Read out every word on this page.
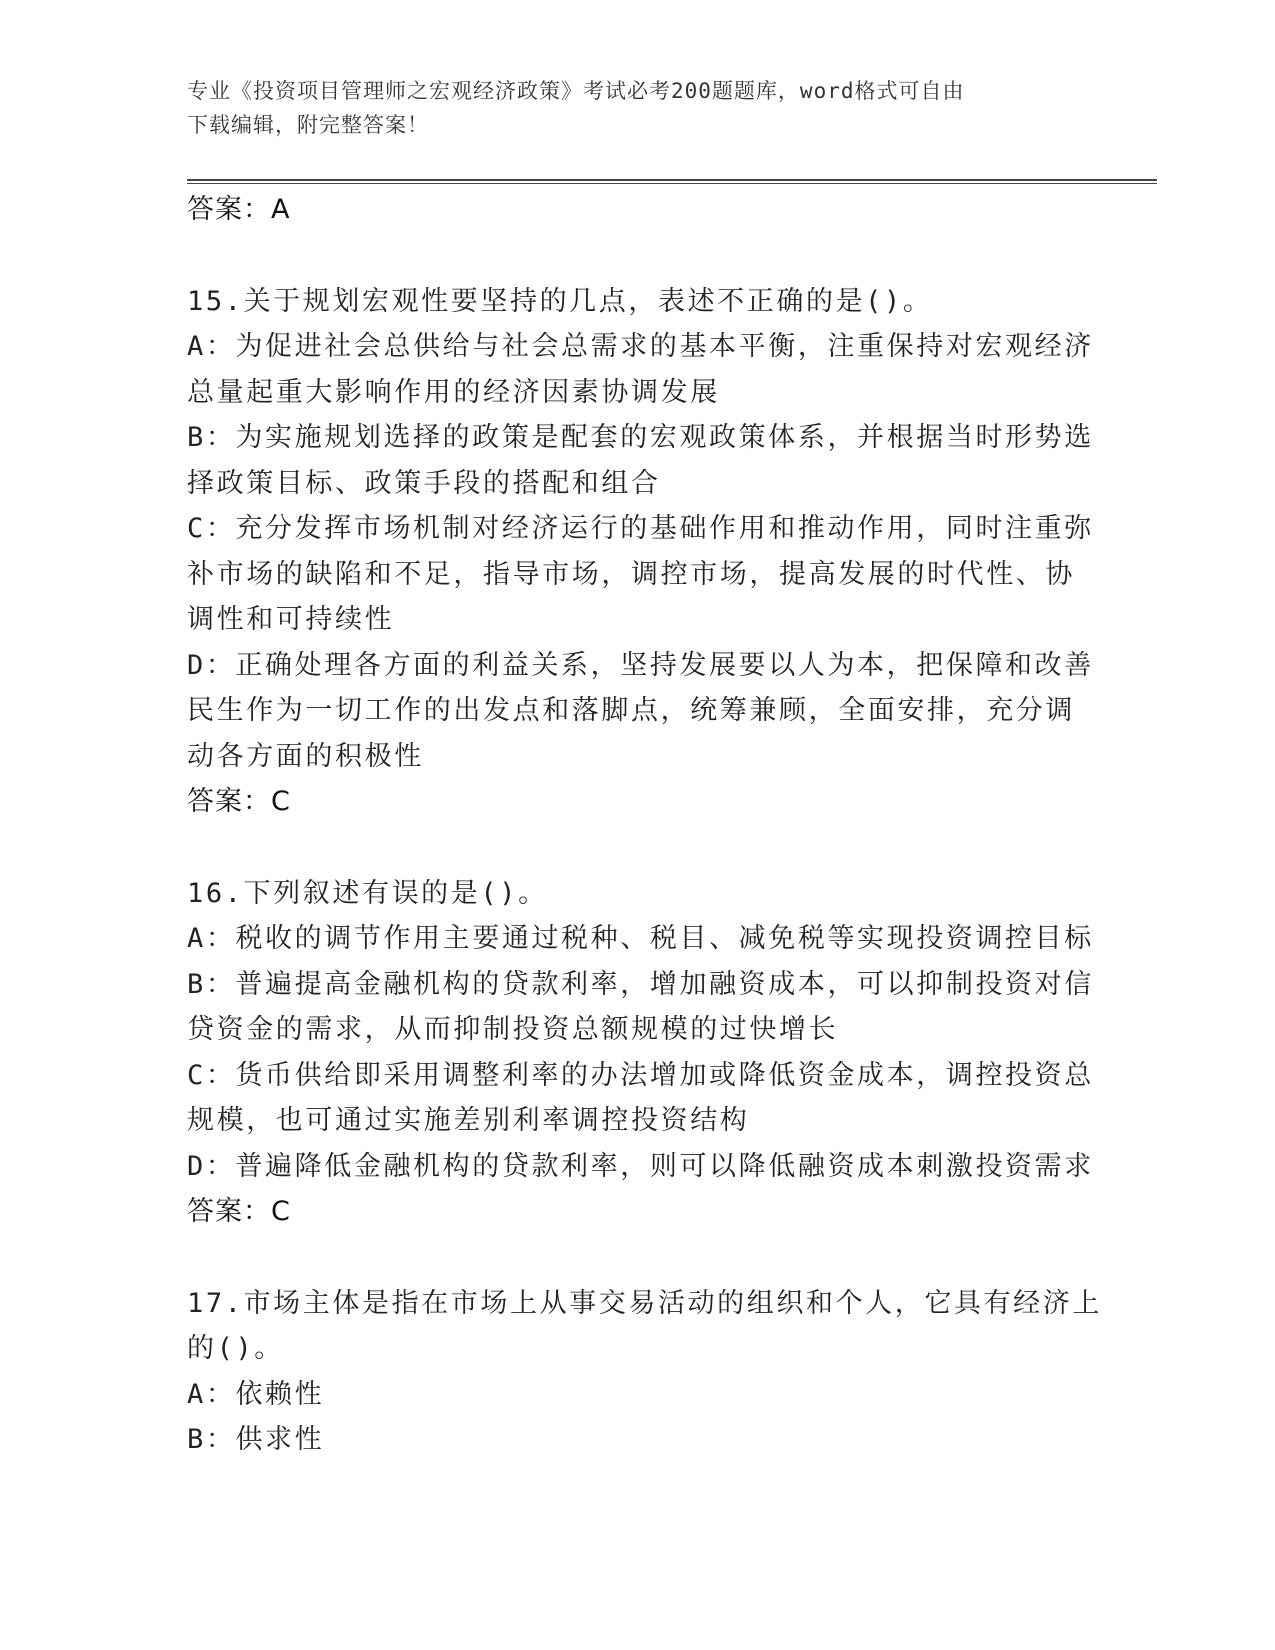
专业《投资项目管理师之宏观经济政策》考试必考200题题库，word格式可自由
下载编辑，附完整答案！
答案：A
15.关于规划宏观性要坚持的几点，表述不正确的是()。
A：为促进社会总供给与社会总需求的基本平衡，注重保持对宏观经济
总量起重大影响作用的经济因素协调发展
B：为实施规划选择的政策是配套的宏观政策体系，并根据当时形势选
择政策目标、政策手段的搭配和组合
C：充分发挥市场机制对经济运行的基础作用和推动作用，同时注重弥
补市场的缺陷和不足，指导市场，调控市场，提高发展的时代性、协
调性和可持续性
D：正确处理各方面的利益关系，坚持发展要以人为本，把保障和改善
民生作为一切工作的出发点和落脚点，统筹兼顾，全面安排，充分调
动各方面的积极性
答案：C
16.下列叙述有误的是()。
A：税收的调节作用主要通过税种、税目、减免税等实现投资调控目标
B：普遍提高金融机构的贷款利率，增加融资成本，可以抑制投资对信
贷资金的需求，从而抑制投资总额规模的过快增长
C：货币供给即采用调整利率的办法增加或降低资金成本，调控投资总
规模，也可通过实施差别利率调控投资结构
D：普遍降低金融机构的贷款利率，则可以降低融资成本刺激投资需求
答案：C
17.市场主体是指在市场上从事交易活动的组织和个人，它具有经济上
的()。
A：依赖性
B：供求性
